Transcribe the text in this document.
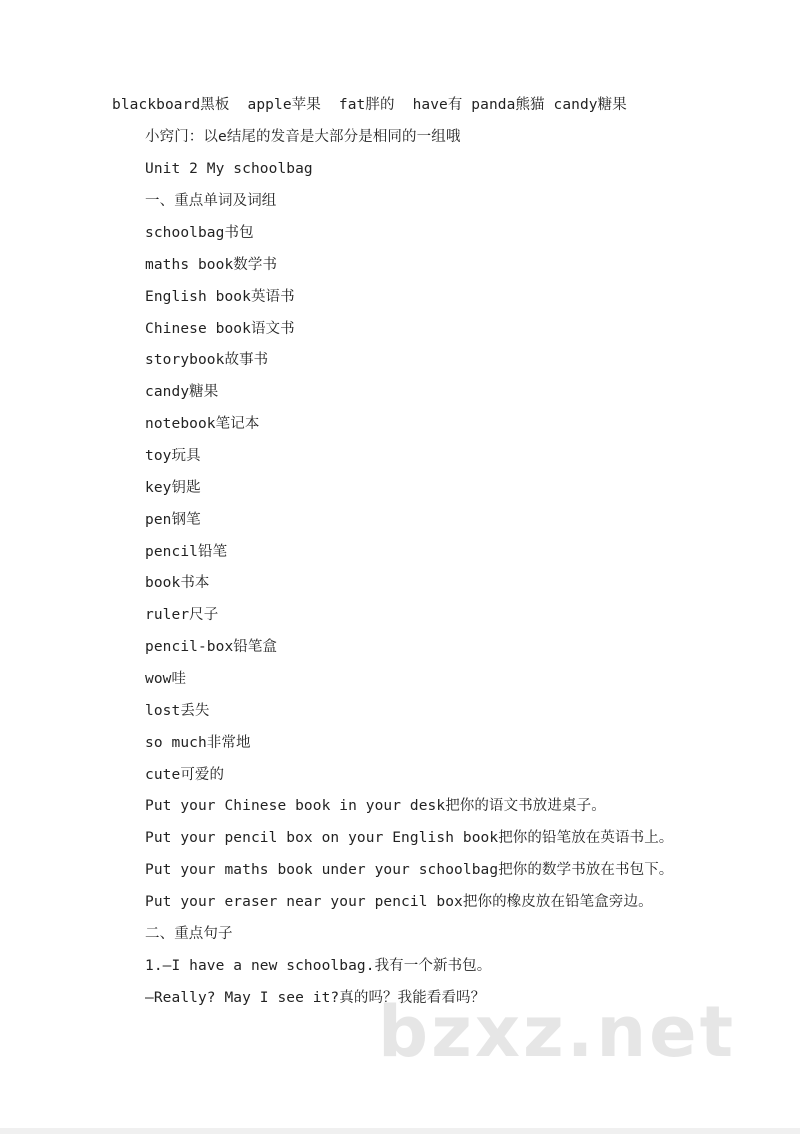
blackboard黑板 apple苹果 fat胖的 have有 panda熊猫 candy糖果
小窍门：以e结尾的发音是大部分是相同的一组哦
Unit 2 My schoolbag
一、重点单词及词组
schoolbag书包
maths book数学书
English book英语书
Chinese book语文书
storybook故事书
candy糖果
notebook笔记本
toy玩具
key钥匙
pen钢笔
pencil铅笔
book书本
ruler尺子
pencil-box铅笔盒
wow哇
lost丢失
so much非常地
cute可爱的
Put your Chinese book in your desk把你的语文书放进桌子。
Put your pencil box on your English book把你的铅笔放在英语书上。
Put your maths book under your schoolbag把你的数学书放在书包下。
Put your eraser near your pencil box把你的橡皮放在铅笔盒旁边。
二、重点句子
1.—I have a new schoolbag.我有一个新书包。
—Really? May I see it?真的吗？我能看看吗？
bzxz.net
